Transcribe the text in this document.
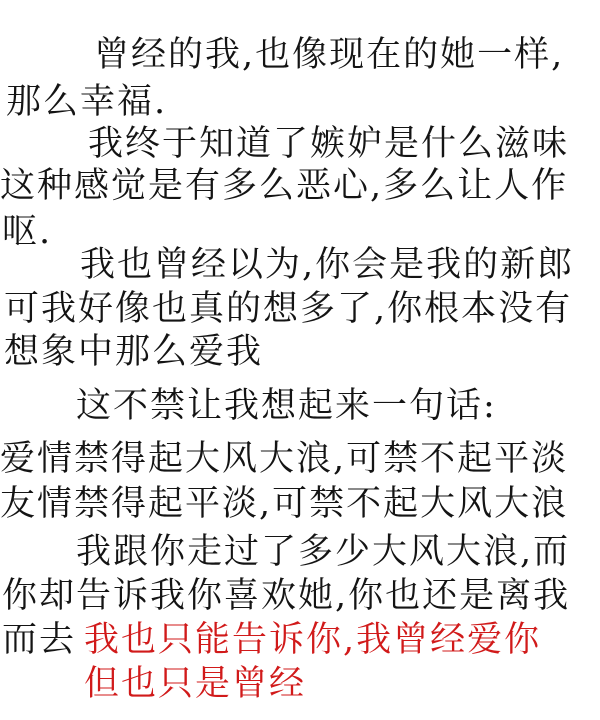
曾经的我,也像现在的她一样,
那么幸福.
我终于知道了嫉妒是什么滋味
这种感觉是有多么恶心,多么让人作
呕.
我也曾经以为,你会是我的新郎
可我好像也真的想多了,你根本没有
想象中那么爱我
这不禁让我想起来一句话:
爱情禁得起大风大浪,可禁不起平淡
友情禁得起平淡,可禁不起大风大浪
我跟你走过了多少大风大浪,而
你却告诉我你喜欢她,你也还是离我
而去 我也只能告诉你,我曾经爱你
但也只是曾经
